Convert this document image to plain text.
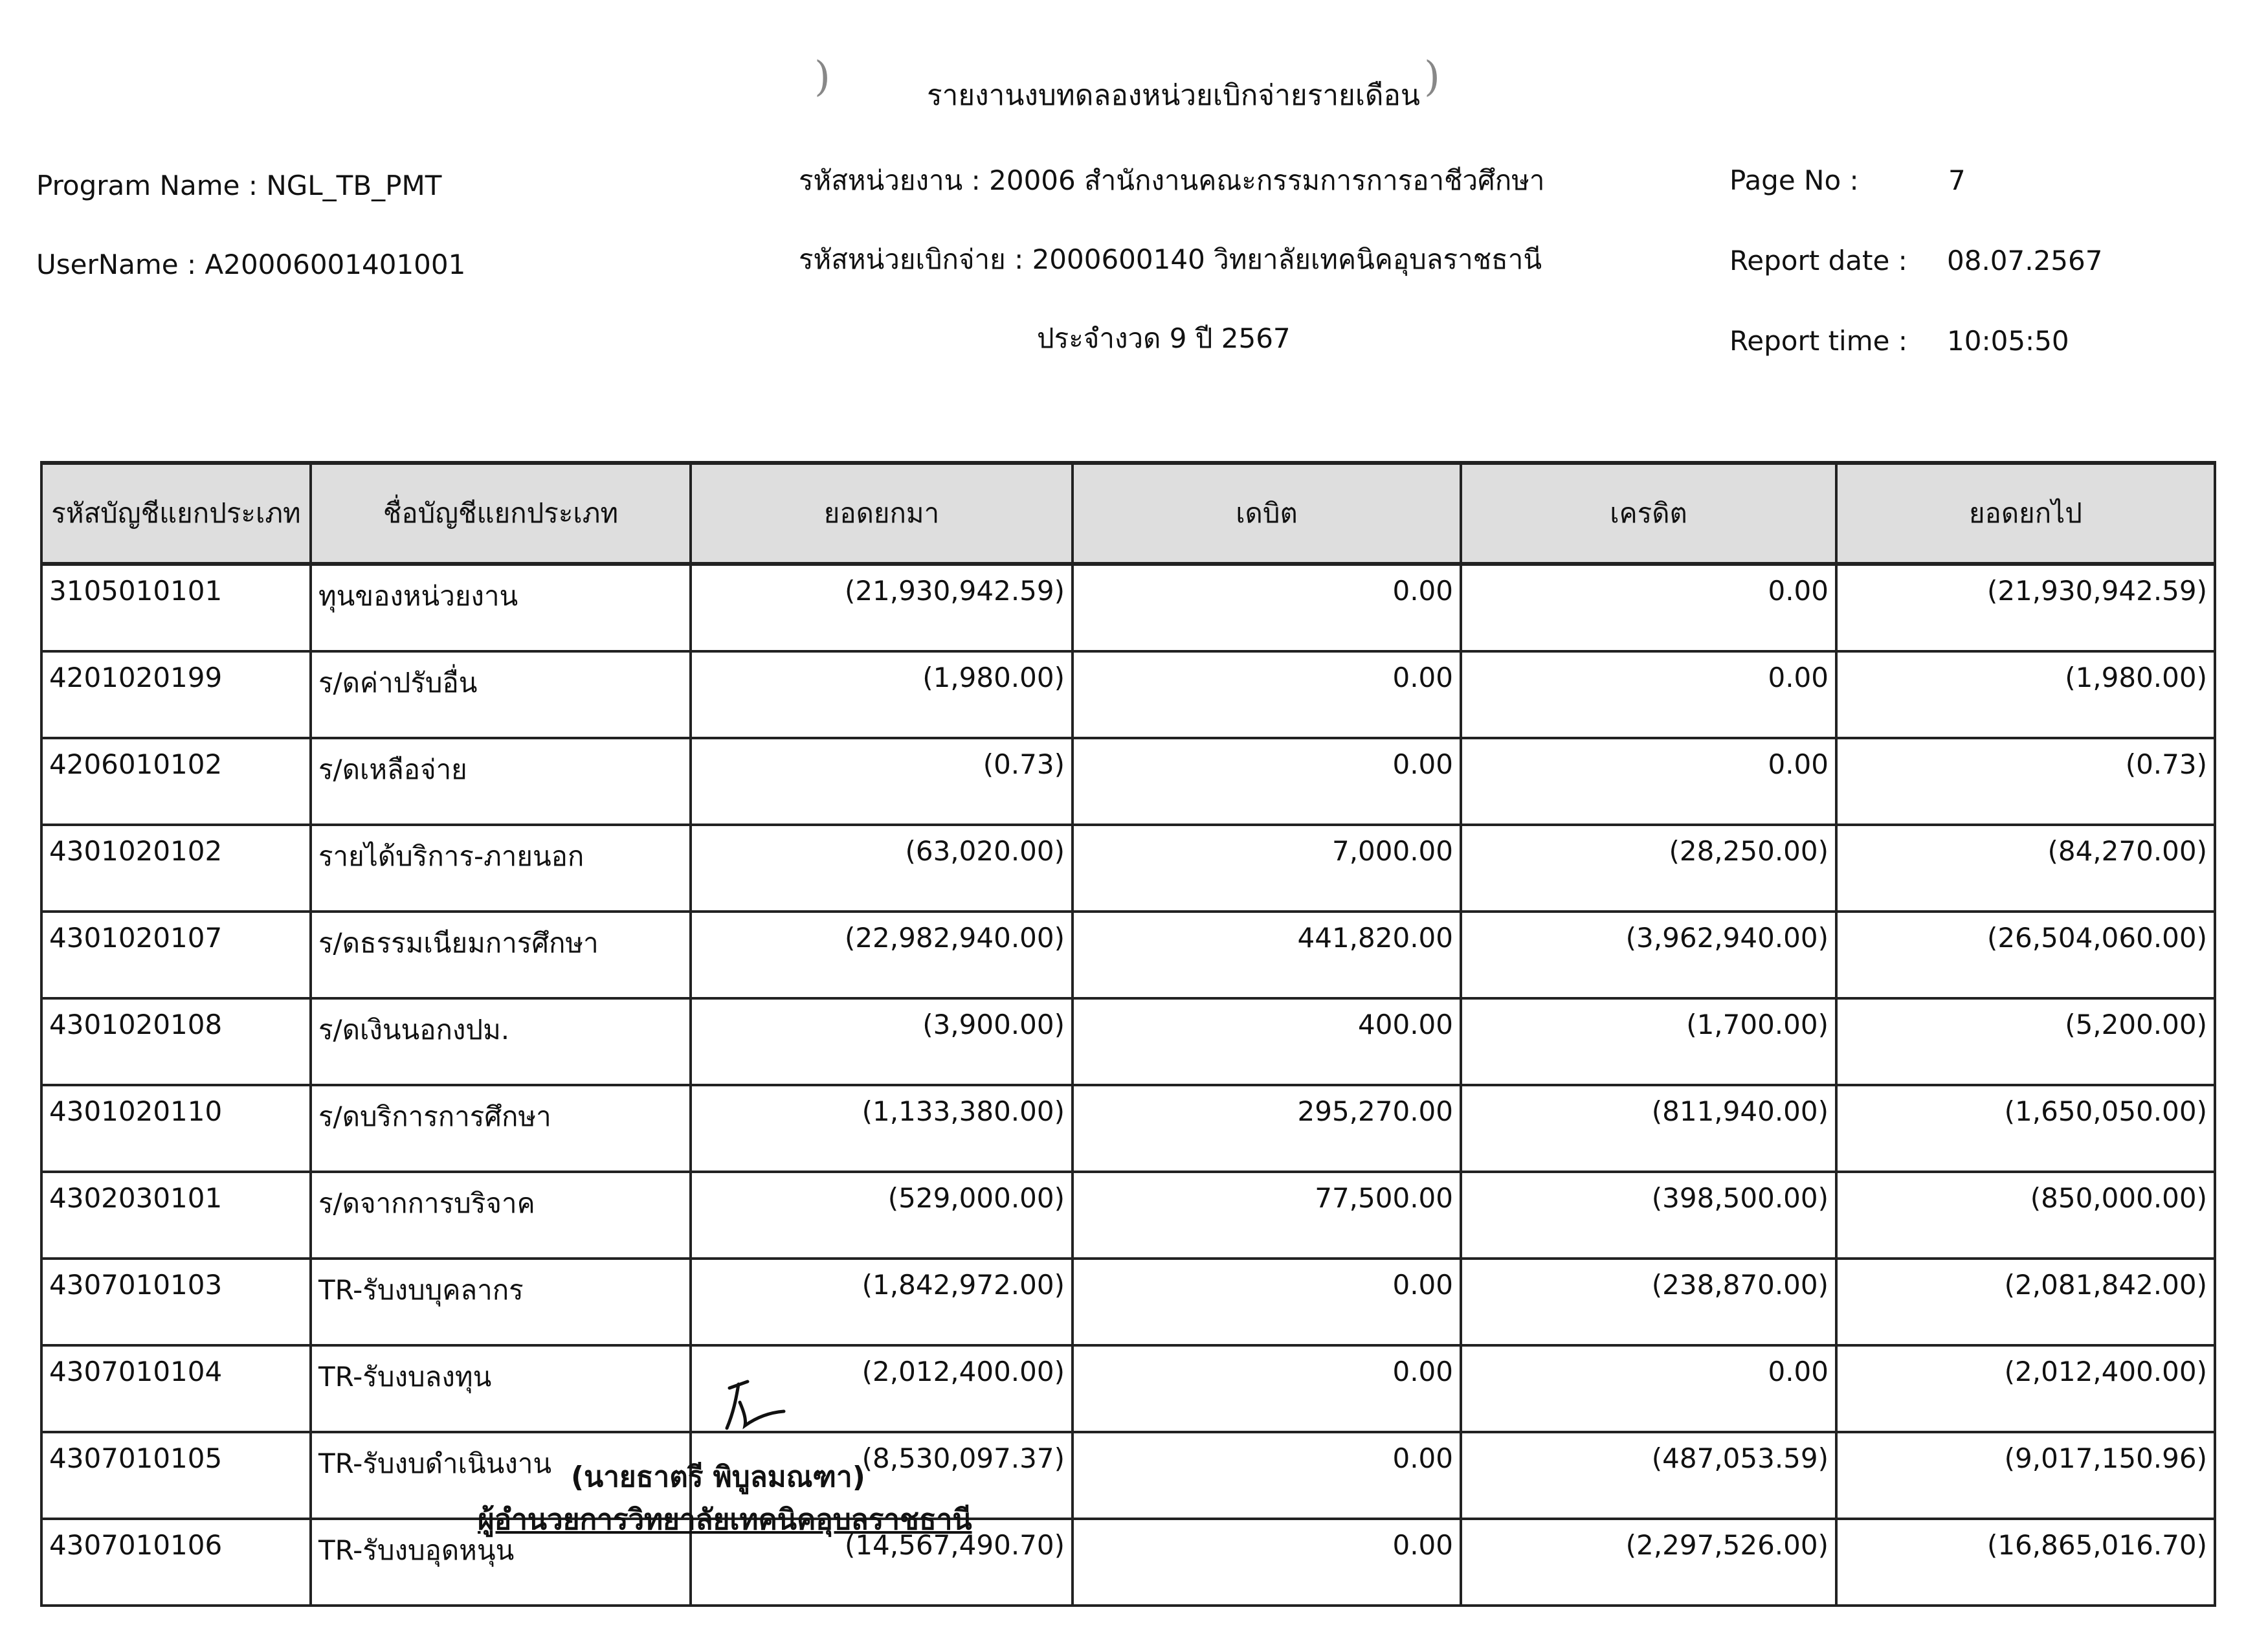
)	)
รายงานงบทดลองหน่วยเบิกจ่ายรายเดือน
Program Name : NGL_TB_PMT
UserName : A20006001401001
รหัสหน่วยงาน : 20006 สำนักงานคณะกรรมการการอาชีวศึกษา
รหัสหน่วยเบิกจ่าย : 2000600140 วิทยาลัยเทคนิคอุบลราชธานี
ประจำงวด 9 ปี 2567
Page No :	7
Report date : 08.07.2567
Report time : 10:05:50
รหัสบัญชีแยกประเภท	ชื่อบัญชีแยกประเภท	ยอดยกมา	เดบิต	เครดิต	ยอดยกไป
3105010101	ทุนของหน่วยงาน	(21,930,942.59)	0.00	0.00	(21,930,942.59)
4201020199	ร/ดค่าปรับอื่น	(1,980.00)	0.00	0.00	(1,980.00)
4206010102	ร/ดเหลือจ่าย	(0.73)	0.00	0.00	(0.73)
4301020102	รายได้บริการ-ภายนอก	(63,020.00)	7,000.00	(28,250.00)	(84,270.00)
4301020107	ร/ดธรรมเนียมการศึกษา	(22,982,940.00)	441,820.00	(3,962,940.00)	(26,504,060.00)
4301020108	ร/ดเงินนอกงปม.	(3,900.00)	400.00	(1,700.00)	(5,200.00)
4301020110	ร/ดบริการการศึกษา	(1,133,380.00)	295,270.00	(811,940.00)	(1,650,050.00)
4302030101	ร/ดจากการบริจาค	(529,000.00)	77,500.00	(398,500.00)	(850,000.00)
4307010103	TR-รับงบบุคลากร	(1,842,972.00)	0.00	(238,870.00)	(2,081,842.00)
4307010104	TR-รับงบลงทุน	(2,012,400.00)	0.00	0.00	(2,012,400.00)
4307010105	TR-รับงบดำเนินงาน	(8,530,097.37)	0.00	(487,053.59)	(9,017,150.96)
4307010106	TR-รับงบอุดหนุน	(14,567,490.70)	0.00	(2,297,526.00)	(16,865,016.70)
(นายธาตรี พิบูลมณฑา)
ผู้อำนวยการวิทยาลัยเทคนิคอุบลราชธานี
